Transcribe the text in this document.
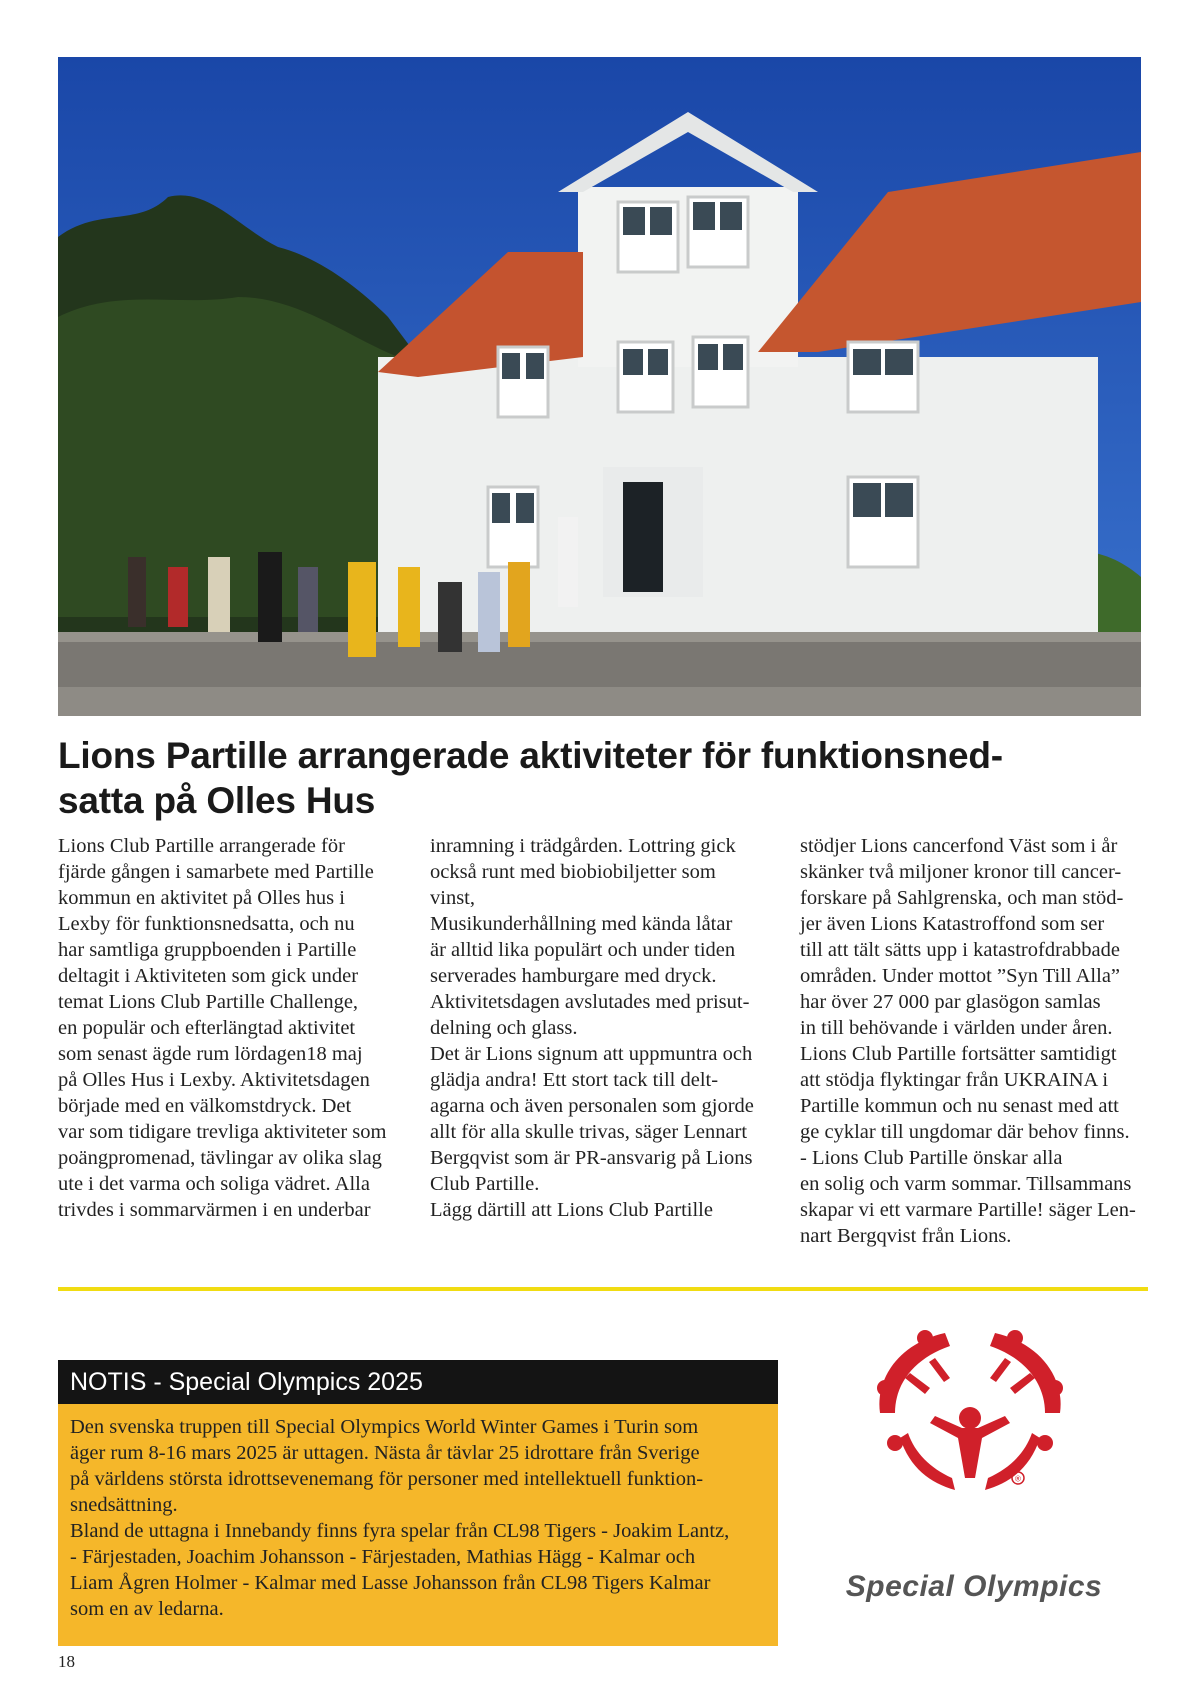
Lions Partille arrangerade aktiviteter för funktionsned-
satta på Olles Hus
Lions Club Partille arrangerade för
fjärde gången i samarbete med Partille
kommun en aktivitet på Olles hus i
Lexby för funktionsnedsatta, och nu
har samtliga gruppboenden i Partille
deltagit i Aktiviteten som gick under
temat Lions Club Partille Challenge,
en populär och efterlängtad aktivitet
som senast ägde rum lördagen18 maj
på Olles Hus i Lexby. Aktivitetsdagen
började med en välkomstdryck. Det
var som tidigare trevliga aktiviteter som
poängpromenad, tävlingar av olika slag
ute i det varma och soliga vädret. Alla
trivdes i sommarvärmen i en underbar
inramning i trädgården. Lottring gick
också runt med biobiobiljetter som
vinst,
Musikunderhållning med kända låtar
är alltid lika populärt och under tiden
serverades hamburgare med dryck.
Aktivitetsdagen avslutades med prisut-
delning och glass.
Det är Lions signum att uppmuntra och
glädja andra! Ett stort tack till delt-
agarna och även personalen som gjorde
allt för alla skulle trivas, säger Lennart
Bergqvist som är PR-ansvarig på Lions
Club Partille.
Lägg därtill att Lions Club Partille
stödjer Lions cancerfond Väst som i år
skänker två miljoner kronor till cancer-
forskare på Sahlgrenska, och man stöd-
jer även Lions Katastroffond som ser
till att tält sätts upp i katastrofdrabbade
områden. Under mottot ”Syn Till Alla”
har över 27 000 par glasögon samlas
in till behövande i världen under åren.
Lions Club Partille fortsätter samtidigt
att stödja flyktingar från UKRAINA i
Partille kommun och nu senast med att
ge cyklar till ungdomar där behov finns.
- Lions Club Partille önskar alla
en solig och varm sommar. Tillsammans
skapar vi ett varmare Partille! säger Len-
nart Bergqvist från Lions.
NOTIS - Special Olympics 2025
Den svenska truppen till Special Olympics World Winter Games i Turin som
äger rum 8-16 mars 2025 är uttagen. Nästa år tävlar 25 idrottare från Sverige
på världens största idrottsevenemang för personer med intellektuell funktion-
snedsättning.
Bland de uttagna i Innebandy finns fyra spelar från CL98 Tigers - Joakim Lantz,
- Färjestaden, Joachim Johansson - Färjestaden, Mathias Hägg - Kalmar och
Liam Ågren Holmer - Kalmar med Lasse Johansson från CL98 Tigers Kalmar
som en av ledarna.
®
Special Olympics
18
